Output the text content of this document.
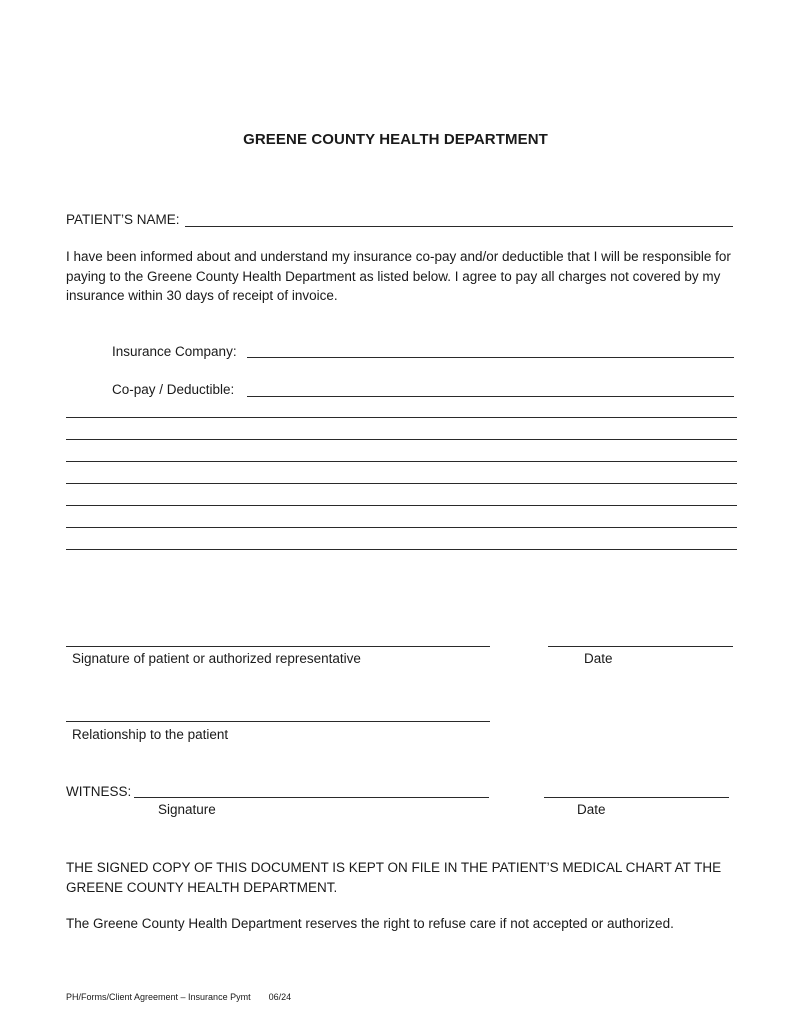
GREENE COUNTY HEALTH DEPARTMENT
PATIENT’S NAME:
I have been informed about and understand my insurance co-pay and/or deductible that I will be responsible for paying to the Greene County Health Department as listed below. I agree to pay all charges not covered by my insurance within 30 days of receipt of invoice.
Insurance Company:
Co-pay / Deductible:
Signature of patient or authorized representative	Date
Relationship to the patient
WITNESS:
Signature	Date
THE SIGNED COPY OF THIS DOCUMENT IS KEPT ON FILE IN THE PATIENT’S MEDICAL CHART AT THE GREENE COUNTY HEALTH DEPARTMENT.
The Greene County Health Department reserves the right to refuse care if not accepted or authorized.
PH/Forms/Client Agreement – Insurance Pymt 06/24
